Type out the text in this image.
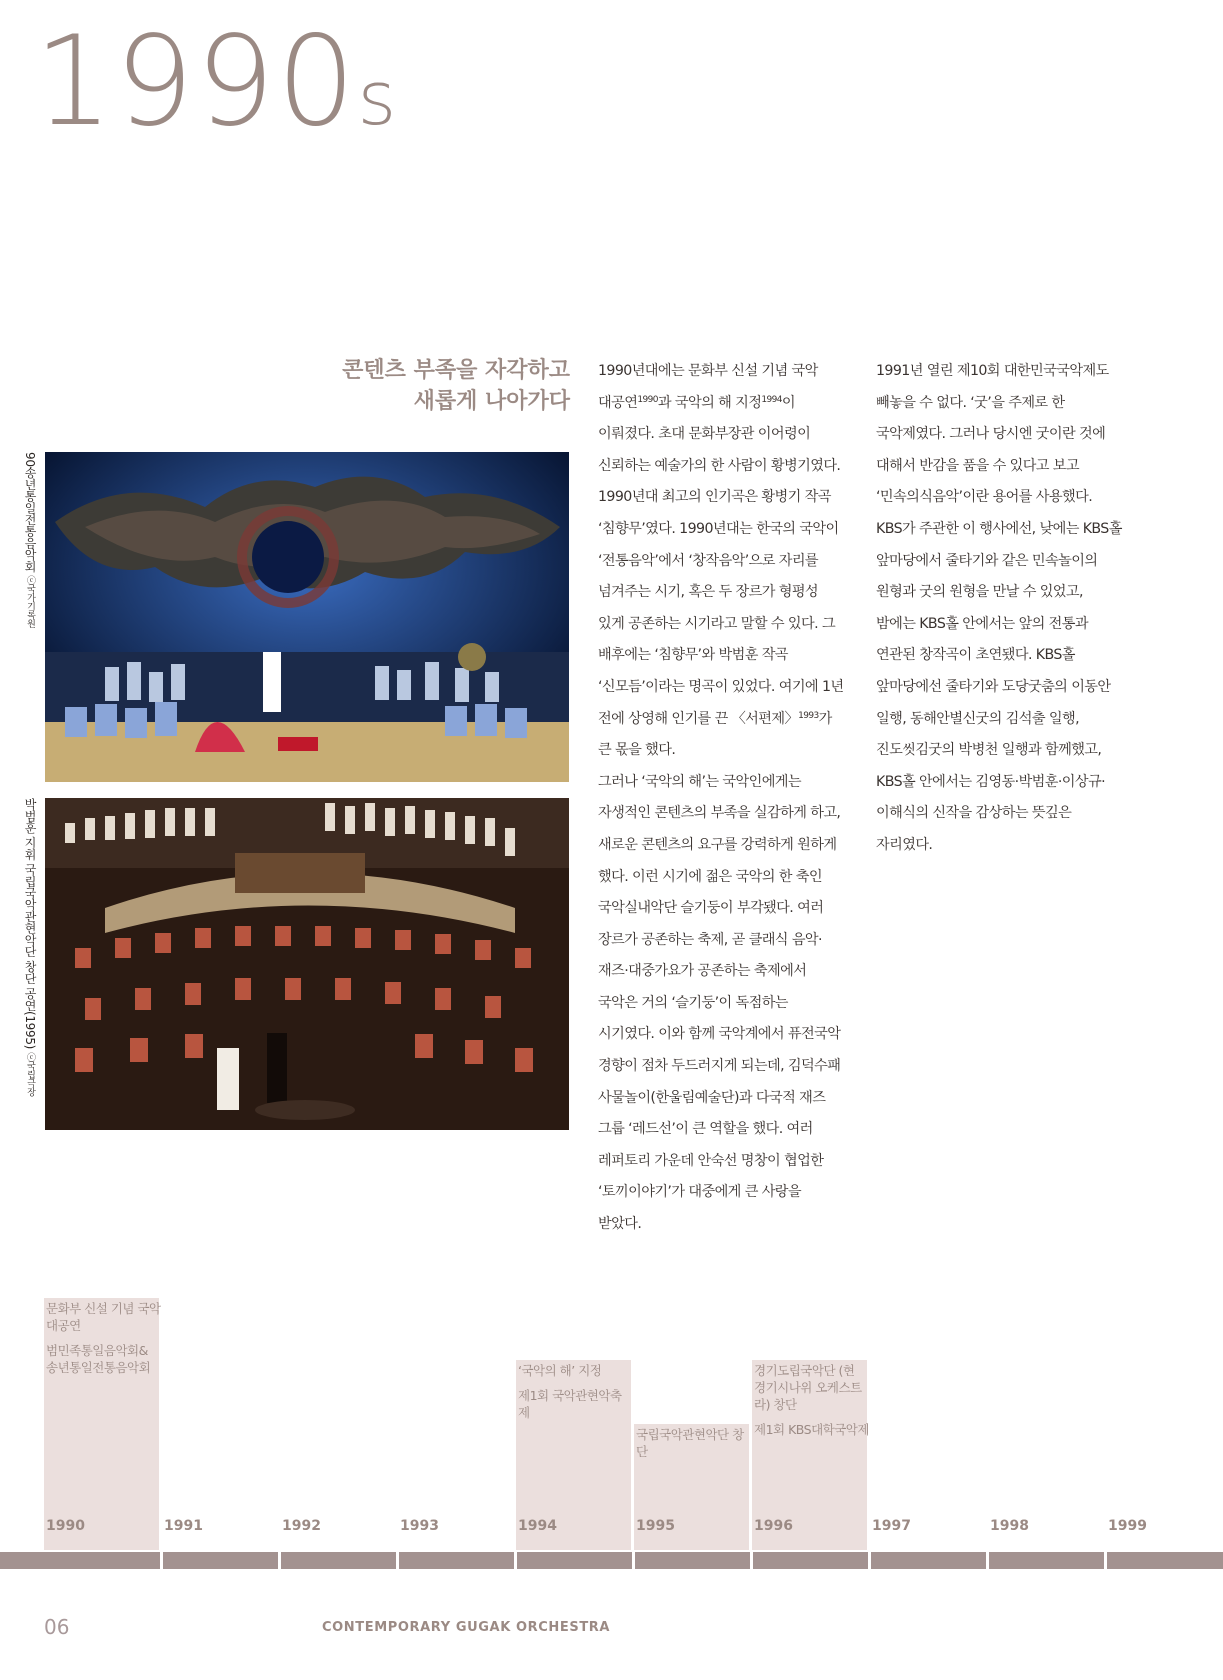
1990s
콘텐츠 부족을 자각하고
새롭게 나아가다
90송년통일전통음악회 ⓒ국가기록원
박범훈 지휘 국립국악관현악단 창단 공연(1995) ⓒ국립극장

1990년대에는 문화부 신설 기념 국악 대공연$^{1990}$과 국악의 해 지정$^{1994}$이 이뤄졌다. 초대 문화부장관 이어령이 신뢰하는 예술가의 한 사람이 황병기였다. 1990년대 최고의 인기곡은 황병기 작곡 ‘침향무’였다. 1990년대는 한국의 국악이 ‘전통음악’에서 ‘창작음악’으로 자리를 넘겨주는 시기, 혹은 두 장르가 형평성 있게 공존하는 시기라고 말할 수 있다. 그 배후에는 ‘침향무’와 박범훈 작곡 ‘신모듬’이라는 명곡이 있었다. 여기에 1년 전에 상영해 인기를 끈 〈서편제〉$^{1993}$가 큰 몫을 했다.

그러나 ‘국악의 해’는 국악인에게는 자생적인 콘텐츠의 부족을 실감하게 하고, 새로운 콘텐츠의 요구를 강력하게 원하게 했다. 이런 시기에 젊은 국악의 한 축인 국악실내악단 슬기둥이 부각됐다. 여러 장르가 공존하는 축제, 곧 클래식 음악·재즈·대중가요가 공존하는 축제에서 국악은 거의 ‘슬기둥’이 독점하는 시기였다. 이와 함께 국악계에서 퓨전국악 경향이 점차 두드러지게 되는데, 김덕수패 사물놀이(한울림예술단)과 다국적 재즈 그룹 ‘레드선’이 큰 역할을 했다. 여러 레퍼토리 가운데 안숙선 명창이 협업한 ‘토끼이야기’가 대중에게 큰 사랑을 받았다.

1991년 열린 제10회 대한민국국악제도 빼놓을 수 없다. ‘굿’을 주제로 한 국악제였다. 그러나 당시엔 굿이란 것에 대해서 반감을 품을 수 있다고 보고 ‘민속의식음악’이란 용어를 사용했다. KBS가 주관한 이 행사에선, 낮에는 KBS홀 앞마당에서 줄타기와 같은 민속놀이의 원형과 굿의 원형을 만날 수 있었고, 밤에는 KBS홀 안에서는 앞의 전통과 연관된 창작곡이 초연됐다. KBS홀 앞마당에선 줄타기와 도당굿춤의 이동안 일행, 동해안별신굿의 김석출 일행, 진도씻김굿의 박병천 일행과 함께했고, KBS홀 안에서는 김영동·박범훈·이상규·이해식의 신작을 감상하는 뜻깊은 자리였다.

문화부 신설 기념 국악대공연
범민족통일음악회& 송년통일전통음악회	‘국악의 해’ 지정
제1회 국악관현악축제
국립국악관현악단 창단
경기도립국악단 (현 경기시나위 오케스트라) 창단
제1회 KBS대학국악제
1990	1991	1992	1993	1994	1995	1996	1997	1998	1999
06	CONTEMPORARY GUGAK ORCHESTRA
